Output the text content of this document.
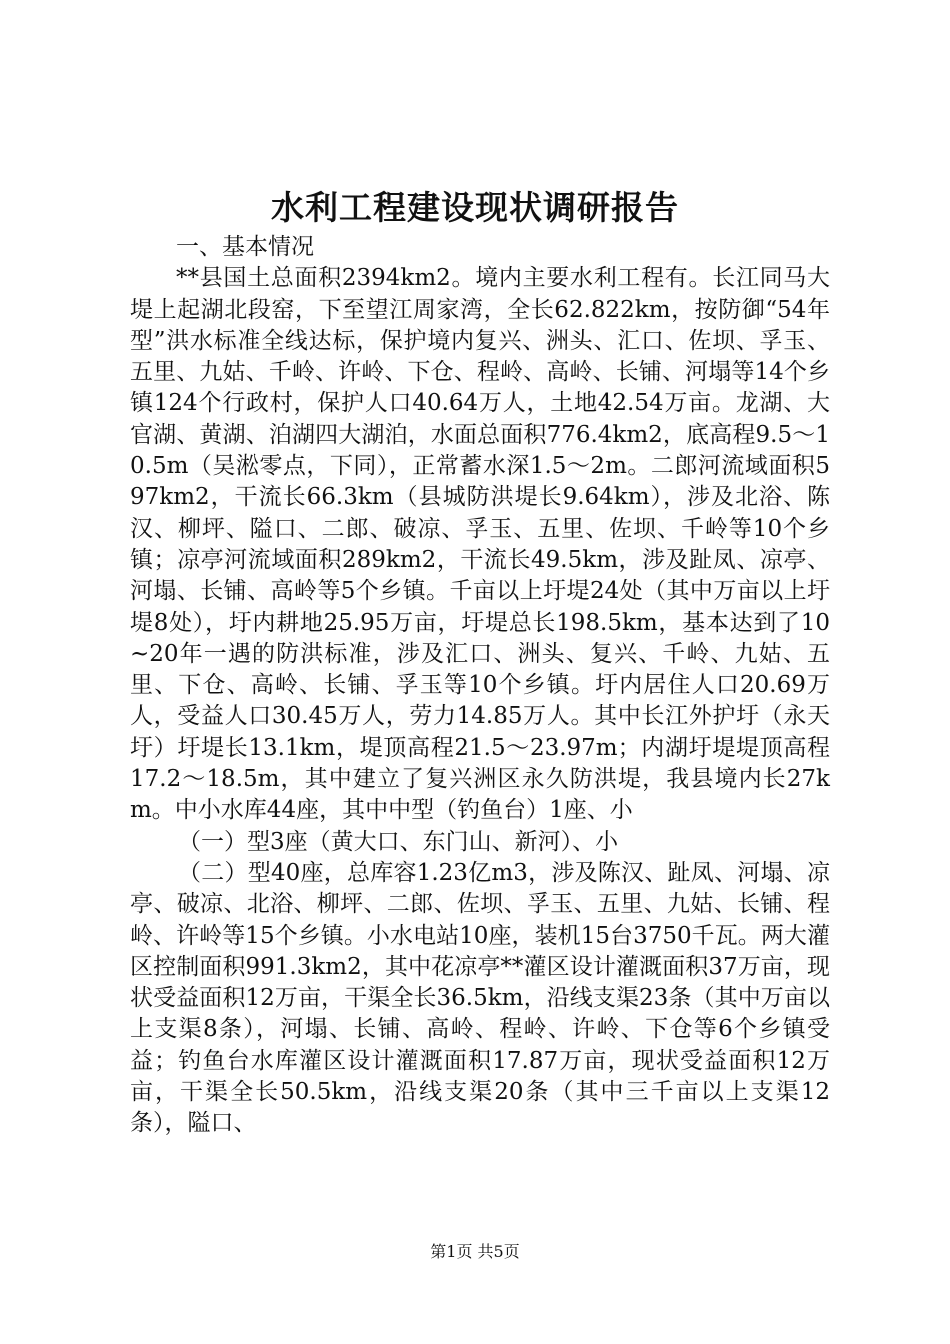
水利工程建设现状调研报告

一、基本情况

**县国土总面积2394km2。境内主要水利工程有。长江同马大堤上起湖北段窑，下至望江周家湾，全长62.822km，按防御“54年型”洪水标准全线达标，保护境内复兴、洲头、汇口、佐坝、孚玉、五里、九姑、千岭、许岭、下仓、程岭、高岭、长铺、河塌等14个乡镇124个行政村，保护人口40.64万人，土地42.54万亩。龙湖、大官湖、黄湖、泊湖四大湖泊，水面总面积776.4km2，底高程9.5～10.5m（吴淞零点，下同），正常蓄水深1.5～2m。二郎河流域面积597km2，干流长66.3km（县城防洪堤长9.64km），涉及北浴、陈汉、柳坪、隘口、二郎、破凉、孚玉、五里、佐坝、千岭等10个乡镇；凉亭河流域面积289km2，干流长49.5km，涉及趾凤、凉亭、河塌、长铺、高岭等5个乡镇。千亩以上圩堤24处（其中万亩以上圩堤8处），圩内耕地25.95万亩，圩堤总长198.5km，基本达到了10~20年一遇的防洪标准，涉及汇口、洲头、复兴、千岭、九姑、五里、下仓、高岭、长铺、孚玉等10个乡镇。圩内居住人口20.69万人，受益人口30.45万人，劳力14.85万人。其中长江外护圩（永天圩）圩堤长13.1km，堤顶高程21.5～23.97m；内湖圩堤堤顶高程17.2～18.5m，其中建立了复兴洲区永久防洪堤，我县境内长27km。中小水库44座，其中中型（钓鱼台）1座、小

（一）型3座（黄大口、东门山、新河）、小

（二）型40座，总库容1.23亿m3，涉及陈汉、趾凤、河塌、凉亭、破凉、北浴、柳坪、二郎、佐坝、孚玉、五里、九姑、长铺、程岭、许岭等15个乡镇。小水电站10座，装机15台3750千瓦。两大灌区控制面积991.3km2，其中花凉亭**灌区设计灌溉面积37万亩，现状受益面积12万亩，干渠全长36.5km，沿线支渠23条（其中万亩以上支渠8条），河塌、长铺、高岭、程岭、许岭、下仓等6个乡镇受益；钓鱼台水库灌区设计灌溉面积17.87万亩，现状受益面积12万亩，干渠全长50.5km，沿线支渠20条（其中三千亩以上支渠12条），隘口、

第1页 共5页
